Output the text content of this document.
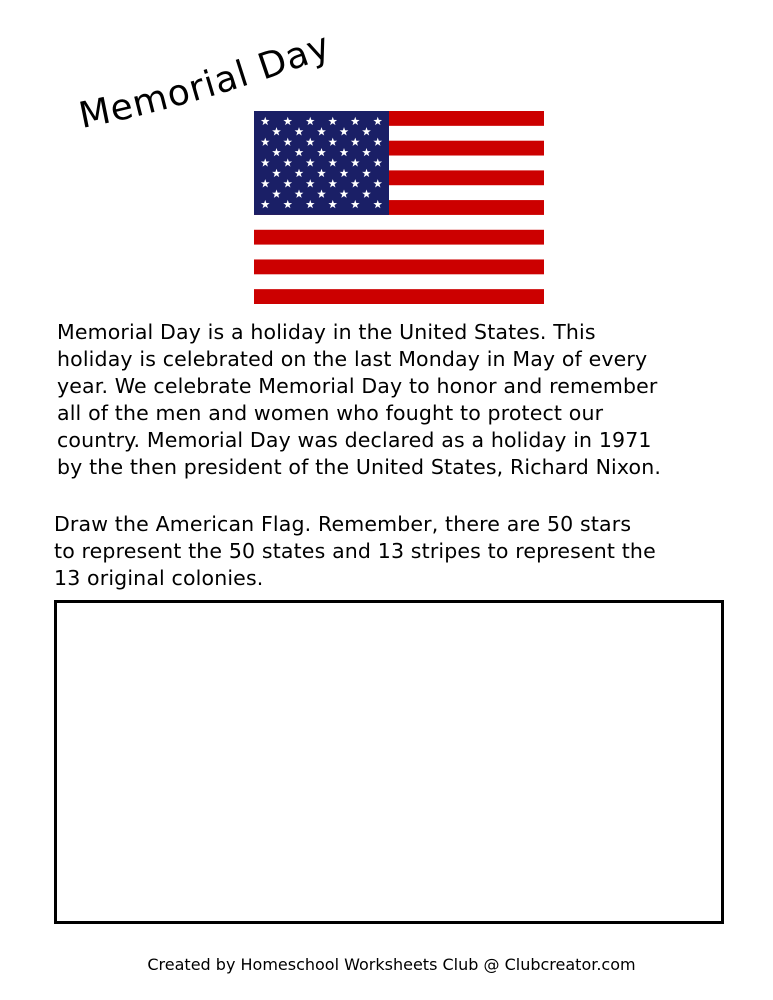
Memorial Day

Memorial Day is a holiday in the United States. This
holiday is celebrated on the last Monday in May of every
year. We celebrate Memorial Day to honor and remember
all of the men and women who fought to protect our
country. Memorial Day was declared as a holiday in 1971
by the then president of the United States, Richard Nixon.

Draw the American Flag. Remember, there are 50 stars
to represent the 50 states and 13 stripes to represent the
13 original colonies.

Created by Homeschool Worksheets Club @ Clubcreator.com
